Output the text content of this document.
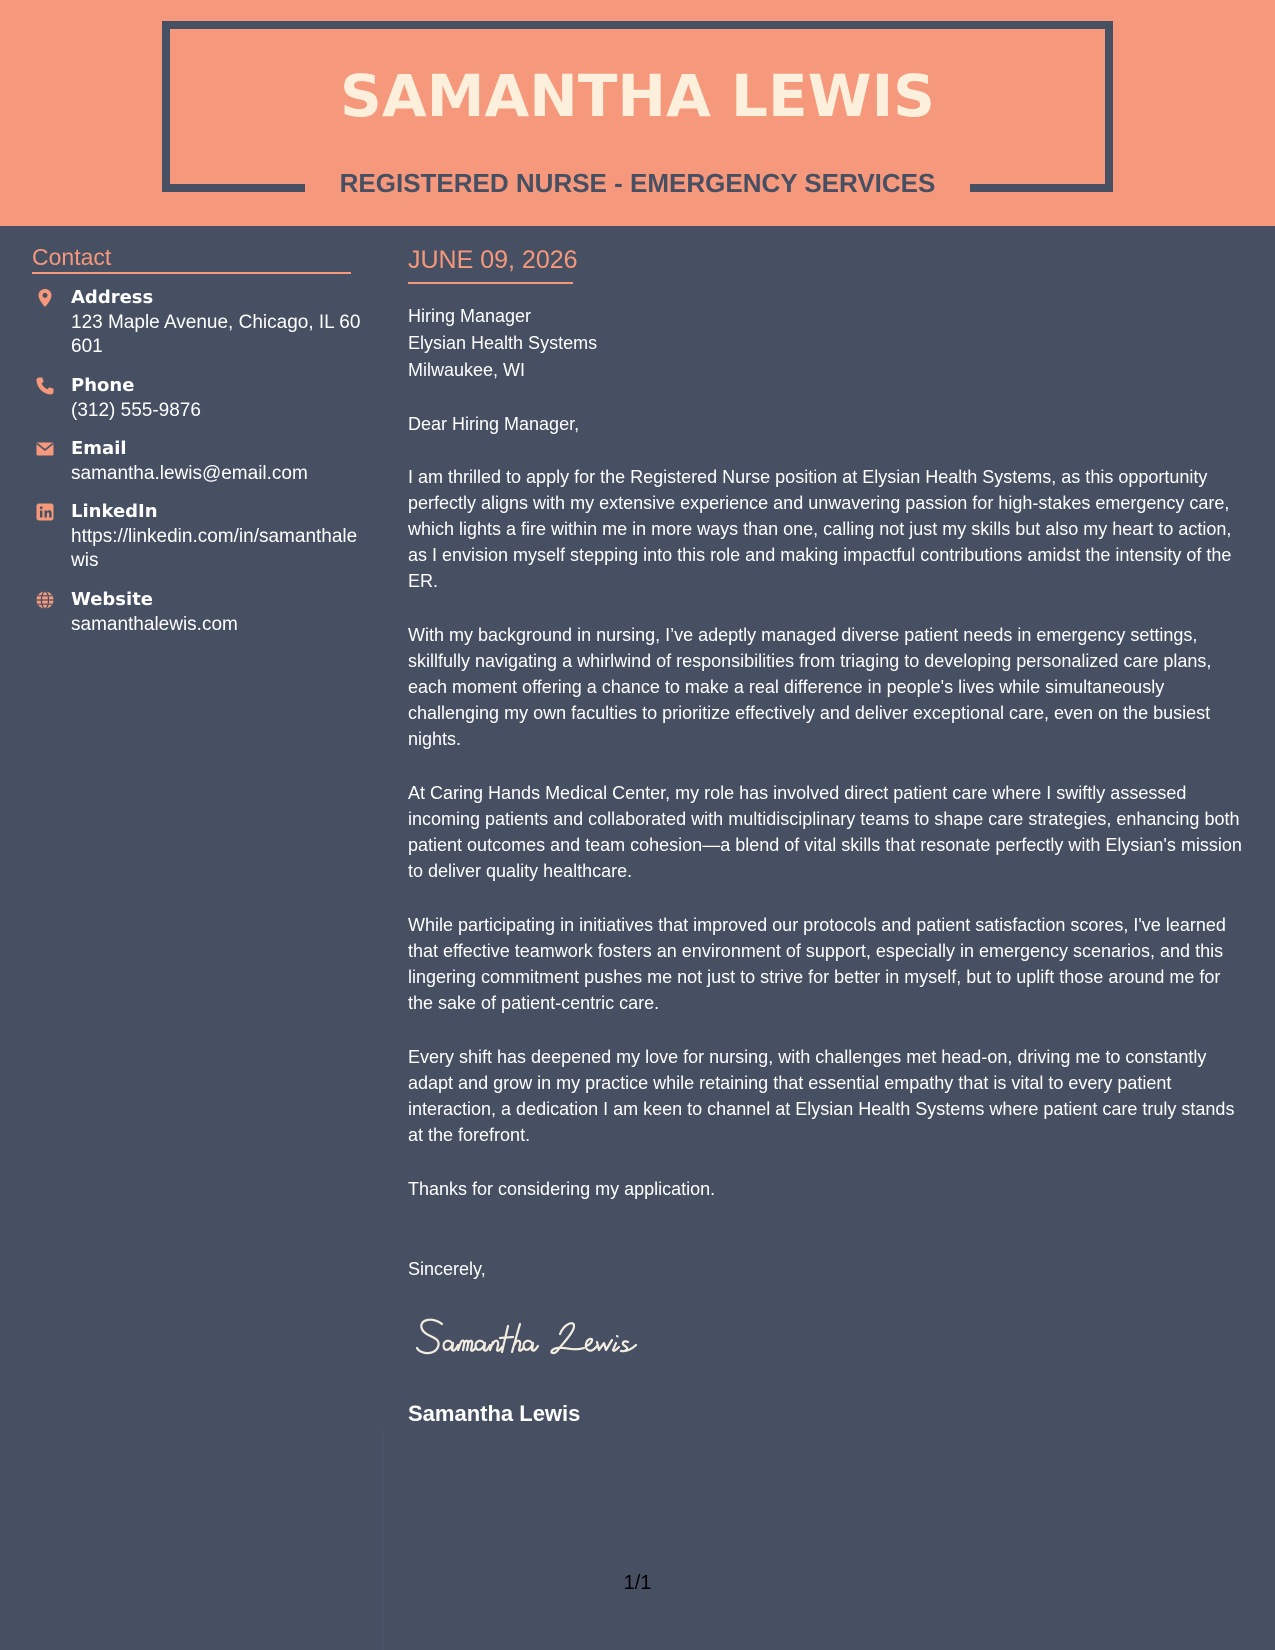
SAMANTHA LEWIS
REGISTERED NURSE - EMERGENCY SERVICES
Contact
Address
123 Maple Avenue, Chicago, IL 60601
Phone
(312) 555-9876
Email
samantha.lewis@email.com
LinkedIn
https://linkedin.com/in/samanthalewis
Website
samanthalewis.com
JUNE 09, 2026
Hiring Manager
Elysian Health Systems
Milwaukee, WI
Dear Hiring Manager,

I am thrilled to apply for the Registered Nurse position at Elysian Health Systems, as this opportunity perfectly aligns with my extensive experience and unwavering passion for high-stakes emergency care, which lights a fire within me in more ways than one, calling not just my skills but also my heart to action, as I envision myself stepping into this role and making impactful contributions amidst the intensity of the ER.

With my background in nursing, I’ve adeptly managed diverse patient needs in emergency settings, skillfully navigating a whirlwind of responsibilities from triaging to developing personalized care plans, each moment offering a chance to make a real difference in people's lives while simultaneously challenging my own faculties to prioritize effectively and deliver exceptional care, even on the busiest nights.

At Caring Hands Medical Center, my role has involved direct patient care where I swiftly assessed incoming patients and collaborated with multidisciplinary teams to shape care strategies, enhancing both patient outcomes and team cohesion—a blend of vital skills that resonate perfectly with Elysian's mission to deliver quality healthcare.

While participating in initiatives that improved our protocols and patient satisfaction scores, I've learned that effective teamwork fosters an environment of support, especially in emergency scenarios, and this lingering commitment pushes me not just to strive for better in myself, but to uplift those around me for the sake of patient-centric care.

Every shift has deepened my love for nursing, with challenges met head-on, driving me to constantly adapt and grow in my practice while retaining that essential empathy that is vital to every patient interaction, a dedication I am keen to channel at Elysian Health Systems where patient care truly stands at the forefront.

Thanks for considering my application.
Sincerely,
Samantha Lewis
1/1
